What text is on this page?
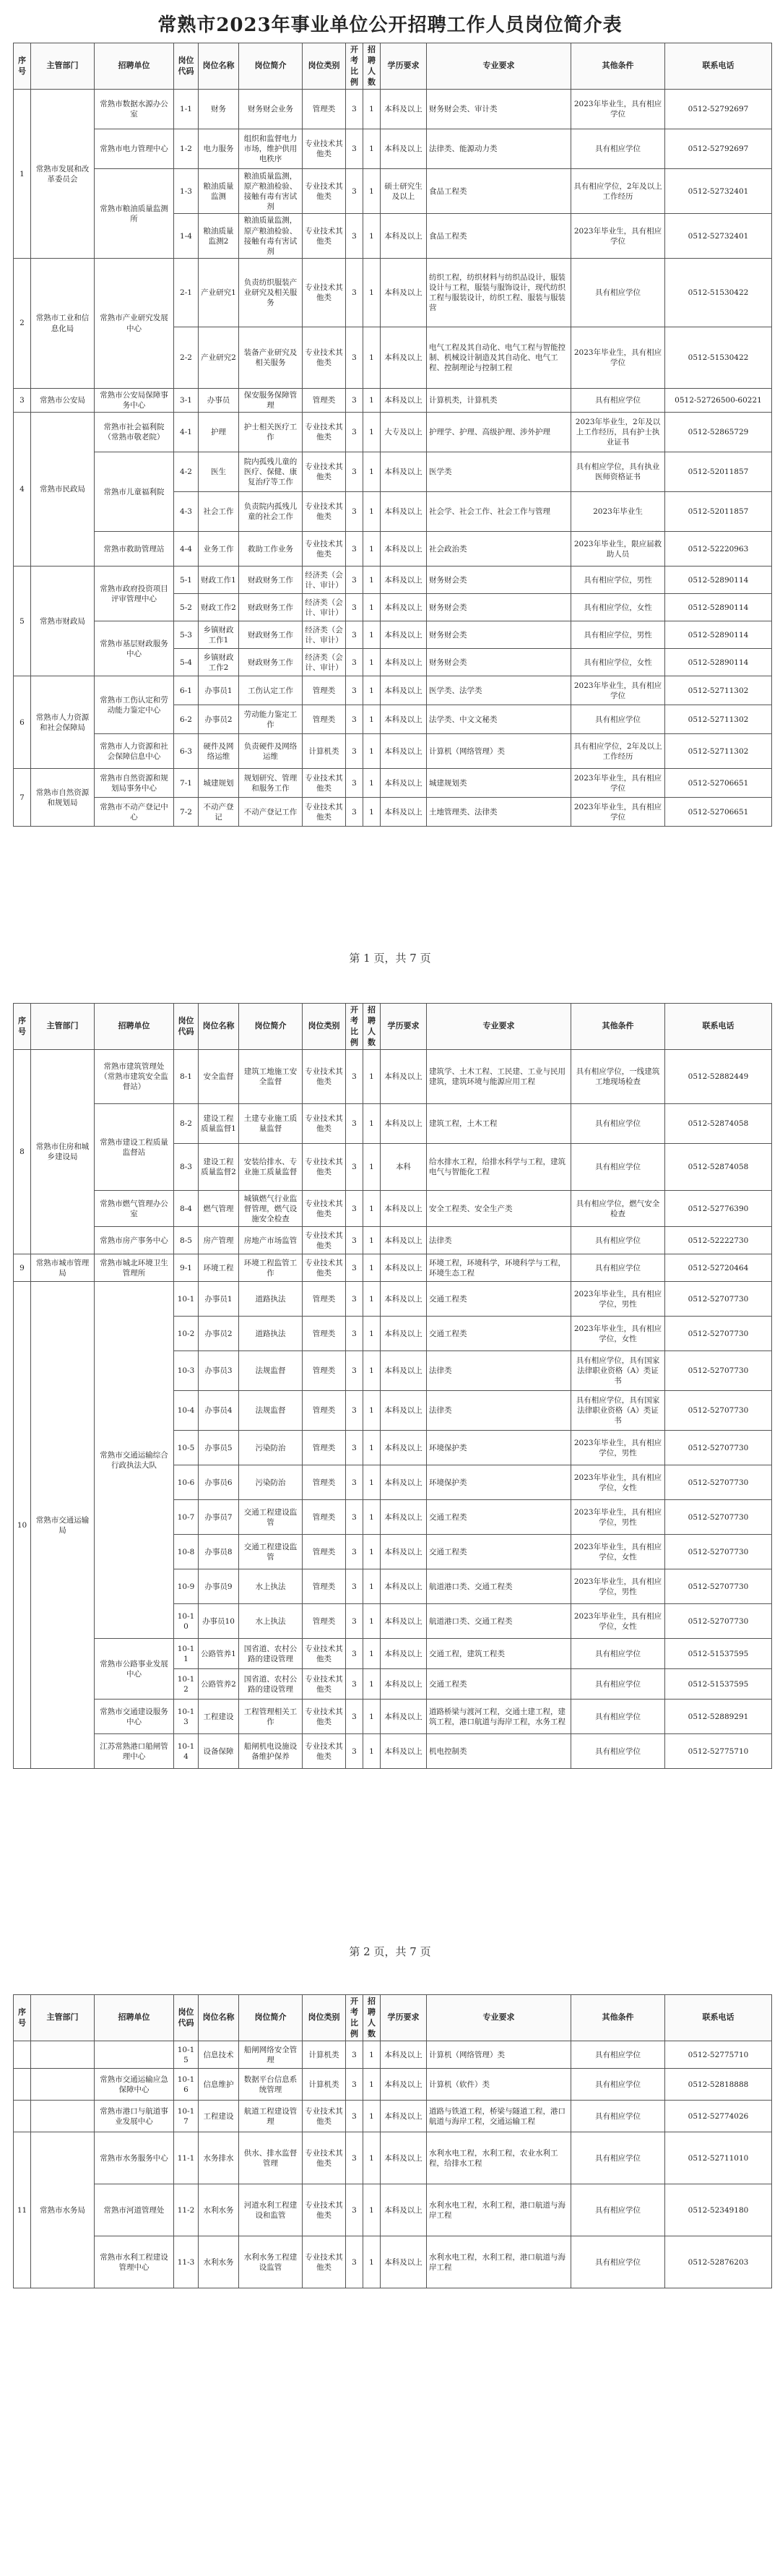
常熟市2023年事业单位公开招聘工作人员岗位简介表
序号	主管部门	招聘单位	岗位代码	岗位名称	岗位简介	岗位类别	开考比例	招聘人数	学历要求	专业要求	其他条件	联系电话
1	常熟市发展和改革委员会	常熟市数据水源办公室	1-1	财务	财务财会业务	管理类	3	1	本科及以上	财务财会类、审计类	2023年毕业生，具有相应学位	0512-52792697
		常熟市电力管理中心	1-2	电力服务	组织和监督电力市场，维护供用电秩序	专业技术其他类	3	1	本科及以上	法律类、能源动力类	具有相应学位	0512-52792697
		常熟市粮油质量监测所	1-3	粮油质量监测	粮油质量监测，原产粮油检验、接触有毒有害试剂	专业技术其他类	3	1	硕士研究生及以上	食品工程类	具有相应学位，2年及以上工作经历	0512-52732401
			1-4	粮油质量监测2	粮油质量监测，原产粮油检验、接触有毒有害试剂	专业技术其他类	3	1	本科及以上	食品工程类	2023年毕业生，具有相应学位	0512-52732401
2	常熟市工业和信息化局	常熟市产业研究发展中心	2-1	产业研究1	负责纺织服装产业研究及相关服务	专业技术其他类	3	1	本科及以上	纺织工程，纺织材料与纺织品设计，服装设计与工程，服装与服饰设计，现代纺织工程与服装设计，纺织工程、服装与服装营	具有相应学位	0512-51530422
			2-2	产业研究2	装备产业研究及相关服务	专业技术其他类	3	1	本科及以上	电气工程及其自动化、电气工程与智能控制、机械设计制造及其自动化、电气工程、控制理论与控制工程	2023年毕业生，具有相应学位	0512-51530422
3	常熟市公安局	常熟市公安局保障事务中心	3-1	办事员	保安服务保障管理	管理类	3	1	本科及以上	计算机类，计算机类	具有相应学位	0512-52726500-60221
4	常熟市民政局	常熟市社会福利院（常熟市敬老院）	4-1	护理	护士相关医疗工作	专业技术其他类	3	1	大专及以上	护理学、护理、高级护理、涉外护理	2023年毕业生，2年及以上工作经历，具有护士执业证书	0512-52865729
		常熟市儿童福利院	4-2	医生	院内孤残儿童的医疗、保健、康复治疗等工作	专业技术其他类	3	1	本科及以上	医学类	具有相应学位，具有执业医师资格证书	0512-52011857
			4-3	社会工作	负责院内孤残儿童的社会工作	专业技术其他类	3	1	本科及以上	社会学、社会工作、社会工作与管理	2023年毕业生	0512-52011857
		常熟市救助管理站	4-4	业务工作	救助工作业务	专业技术其他类	3	1	本科及以上	社会政治类	2023年毕业生，限应届救助人员	0512-52220963
5	常熟市财政局	常熟市政府投资项目评审管理中心	5-1	财政工作1	财政财务工作	经济类（会计、审计）	3	1	本科及以上	财务财会类	具有相应学位，男性	0512-52890114
			5-2	财政工作2	财政财务工作	经济类（会计、审计）	3	1	本科及以上	财务财会类	具有相应学位，女性	0512-52890114
		常熟市基层财政服务中心	5-3	乡镇财政工作1	财政财务工作	经济类（会计、审计）	3	1	本科及以上	财务财会类	具有相应学位，男性	0512-52890114
			5-4	乡镇财政工作2	财政财务工作	经济类（会计、审计）	3	1	本科及以上	财务财会类	具有相应学位，女性	0512-52890114
6	常熟市人力资源和社会保障局	常熟市工伤认定和劳动能力鉴定中心	6-1	办事员1	工伤认定工作	管理类	3	1	本科及以上	医学类、法学类	2023年毕业生，具有相应学位	0512-52711302
			6-2	办事员2	劳动能力鉴定工作	管理类	3	1	本科及以上	法学类、中文文秘类	具有相应学位	0512-52711302
		常熟市人力资源和社会保障信息中心	6-3	硬件及网络运维	负责硬件及网络运维	计算机类	3	1	本科及以上	计算机（网络管理）类	具有相应学位，2年及以上工作经历	0512-52711302
7	常熟市自然资源和规划局	常熟市自然资源和规划局事务中心	7-1	城建规划	规划研究、管理和服务工作	专业技术其他类	3	1	本科及以上	城建规划类	2023年毕业生，具有相应学位	0512-52706651
		常熟市不动产登记中心	7-2	不动产登记	不动产登记工作	专业技术其他类	3	1	本科及以上	土地管理类、法律类	2023年毕业生，具有相应学位	0512-52706651
第 1 页，共 7 页
序号	主管部门	招聘单位	岗位代码	岗位名称	岗位简介	岗位类别	开考比例	招聘人数	学历要求	专业要求	其他条件	联系电话
8	常熟市住房和城乡建设局	常熟市建筑管理处（常熟市建筑安全监督站）	8-1	安全监督	建筑工地施工安全监督	专业技术其他类	3	1	本科及以上	建筑学、土木工程、工民建、工业与民用建筑，建筑环境与能源应用工程	具有相应学位，一线建筑工地现场检查	0512-52882449
		常熟市建设工程质量监督站	8-2	建设工程质量监督1	土建专业施工质量监督	专业技术其他类	3	1	本科及以上	建筑工程，土木工程	具有相应学位	0512-52874058
			8-3	建设工程质量监督2	安装给排水、专业施工质量监督	专业技术其他类	3	1	本科	给水排水工程，给排水科学与工程，建筑电气与智能化工程	具有相应学位	0512-52874058
		常熟市燃气管理办公室	8-4	燃气管理	城镇燃气行业监督管理，燃气设施安全检查	专业技术其他类	3	1	本科及以上	安全工程类、安全生产类	具有相应学位，燃气安全检查	0512-52776390
		常熟市房产事务中心	8-5	房产管理	房地产市场监管	专业技术其他类	3	1	本科及以上	法律类	具有相应学位	0512-52222730
9	常熟市城市管理局	常熟市城北环境卫生管理所	9-1	环境工程	环境工程监管工作	专业技术其他类	3	1	本科及以上	环境工程，环境科学，环境科学与工程，环境生态工程	具有相应学位	0512-52720464
10	常熟市交通运输局	常熟市交通运输综合行政执法大队	10-1	办事员1	道路执法	管理类	3	1	本科及以上	交通工程类	2023年毕业生，具有相应学位，男性	0512-52707730
			10-2	办事员2	道路执法	管理类	3	1	本科及以上	交通工程类	2023年毕业生，具有相应学位，女性	0512-52707730
			10-3	办事员3	法规监督	管理类	3	1	本科及以上	法律类	具有相应学位，具有国家法律职业资格（A）类证书	0512-52707730
			10-4	办事员4	法规监督	管理类	3	1	本科及以上	法律类	具有相应学位，具有国家法律职业资格（A）类证书	0512-52707730
			10-5	办事员5	污染防治	管理类	3	1	本科及以上	环境保护类	2023年毕业生，具有相应学位，男性	0512-52707730
			10-6	办事员6	污染防治	管理类	3	1	本科及以上	环境保护类	2023年毕业生，具有相应学位，女性	0512-52707730
			10-7	办事员7	交通工程建设监管	管理类	3	1	本科及以上	交通工程类	2023年毕业生，具有相应学位，男性	0512-52707730
			10-8	办事员8	交通工程建设监管	管理类	3	1	本科及以上	交通工程类	2023年毕业生，具有相应学位，女性	0512-52707730
			10-9	办事员9	水上执法	管理类	3	1	本科及以上	航道港口类、交通工程类	2023年毕业生，具有相应学位，男性	0512-52707730
			10-10	办事员10	水上执法	管理类	3	1	本科及以上	航道港口类、交通工程类	2023年毕业生，具有相应学位，女性	0512-52707730
		常熟市公路事业发展中心	10-11	公路管养1	国省道、农村公路的建设管理	专业技术其他类	3	1	本科及以上	交通工程，建筑工程类	具有相应学位	0512-51537595
			10-12	公路管养2	国省道、农村公路的建设管理	专业技术其他类	3	1	本科及以上	交通工程类	具有相应学位	0512-51537595
		常熟市交通建设服务中心	10-13	工程建设	工程管理相关工作	专业技术其他类	3	1	本科及以上	道路桥梁与渡河工程，交通土建工程，建筑工程，港口航道与海岸工程，水务工程	具有相应学位	0512-52889291
		江苏常熟港口船闸管理中心	10-14	设备保障	船闸机电设施设备维护保养	专业技术其他类	3	1	本科及以上	机电控制类	具有相应学位	0512-52775710
第 2 页，共 7 页
序号	主管部门	招聘单位	岗位代码	岗位名称	岗位简介	岗位类别	开考比例	招聘人数	学历要求	专业要求	其他条件	联系电话
			10-15	信息技术	船闸网络安全管理	计算机类	3	1	本科及以上	计算机（网络管理）类	具有相应学位	0512-52775710
		常熟市交通运输应急保障中心	10-16	信息维护	数据平台信息系统管理	计算机类	3	1	本科及以上	计算机（软件）类	具有相应学位	0512-52818888
		常熟市港口与航道事业发展中心	10-17	工程建设	航道工程建设管理	专业技术其他类	3	1	本科及以上	道路与铁道工程，桥梁与隧道工程，港口航道与海岸工程，交通运输工程	具有相应学位	0512-52774026
11	常熟市水务局	常熟市水务服务中心	11-1	水务排水	供水、排水监督管理	专业技术其他类	3	1	本科及以上	水利水电工程，水利工程，农业水利工程，给排水工程	具有相应学位	0512-52711010
		常熟市河道管理处	11-2	水利水务	河道水利工程建设和监管	专业技术其他类	3	1	本科及以上	水利水电工程，水利工程，港口航道与海岸工程	具有相应学位	0512-52349180
		常熟市水利工程建设管理中心	11-3	水利水务	水利水务工程建设监管	专业技术其他类	3	1	本科及以上	水利水电工程，水利工程，港口航道与海岸工程	具有相应学位	0512-52876203
